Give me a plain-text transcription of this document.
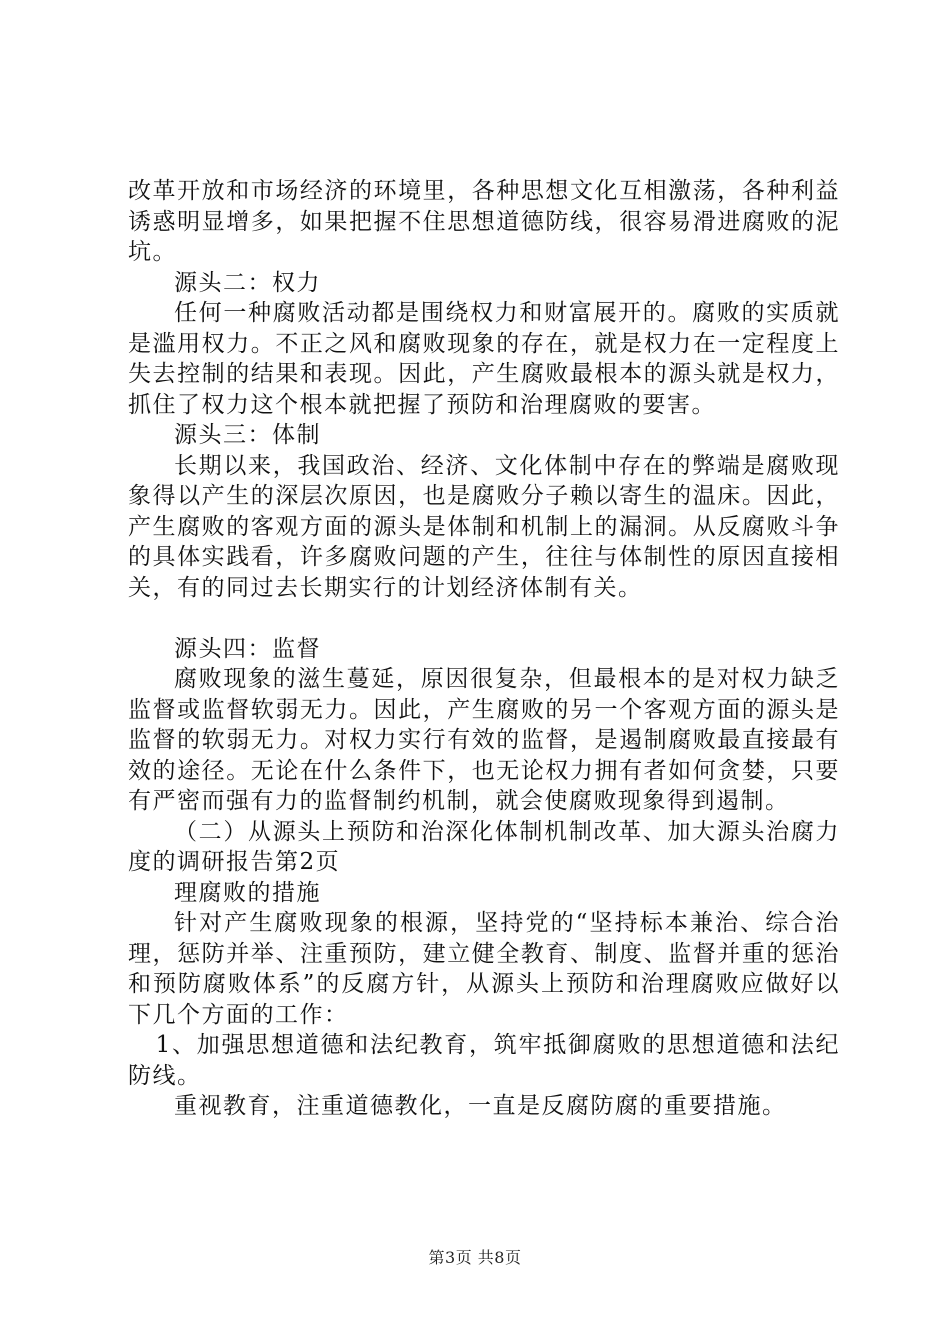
改革开放和市场经济的环境里，各种思想文化互相激荡，各种利益诱惑明显增多，如果把握不住思想道德防线，很容易滑进腐败的泥坑。

源头二：权力

任何一种腐败活动都是围绕权力和财富展开的。腐败的实质就是滥用权力。不正之风和腐败现象的存在，就是权力在一定程度上失去控制的结果和表现。因此，产生腐败最根本的源头就是权力，抓住了权力这个根本就把握了预防和治理腐败的要害。

源头三：体制

长期以来，我国政治、经济、文化体制中存在的弊端是腐败现象得以产生的深层次原因，也是腐败分子赖以寄生的温床。因此，产生腐败的客观方面的源头是体制和机制上的漏洞。从反腐败斗争的具体实践看，许多腐败问题的产生，往往与体制性的原因直接相关，有的同过去长期实行的计划经济体制有关。

源头四：监督

腐败现象的滋生蔓延，原因很复杂，但最根本的是对权力缺乏监督或监督软弱无力。因此，产生腐败的另一个客观方面的源头是监督的软弱无力。对权力实行有效的监督，是遏制腐败最直接最有效的途径。无论在什么条件下，也无论权力拥有者如何贪婪，只要有严密而强有力的监督制约机制，就会使腐败现象得到遏制。

（二）从源头上预防和治深化体制机制改革、加大源头治腐力度的调研报告第2页

理腐败的措施

针对产生腐败现象的根源，坚持党的“坚持标本兼治、综合治理，惩防并举、注重预防，建立健全教育、制度、监督并重的惩治和预防腐败体系”的反腐方针，从源头上预防和治理腐败应做好以下几个方面的工作：

1、加强思想道德和法纪教育，筑牢抵御腐败的思想道德和法纪防线。

重视教育，注重道德教化，一直是反腐防腐的重要措施。

第3页 共8页
